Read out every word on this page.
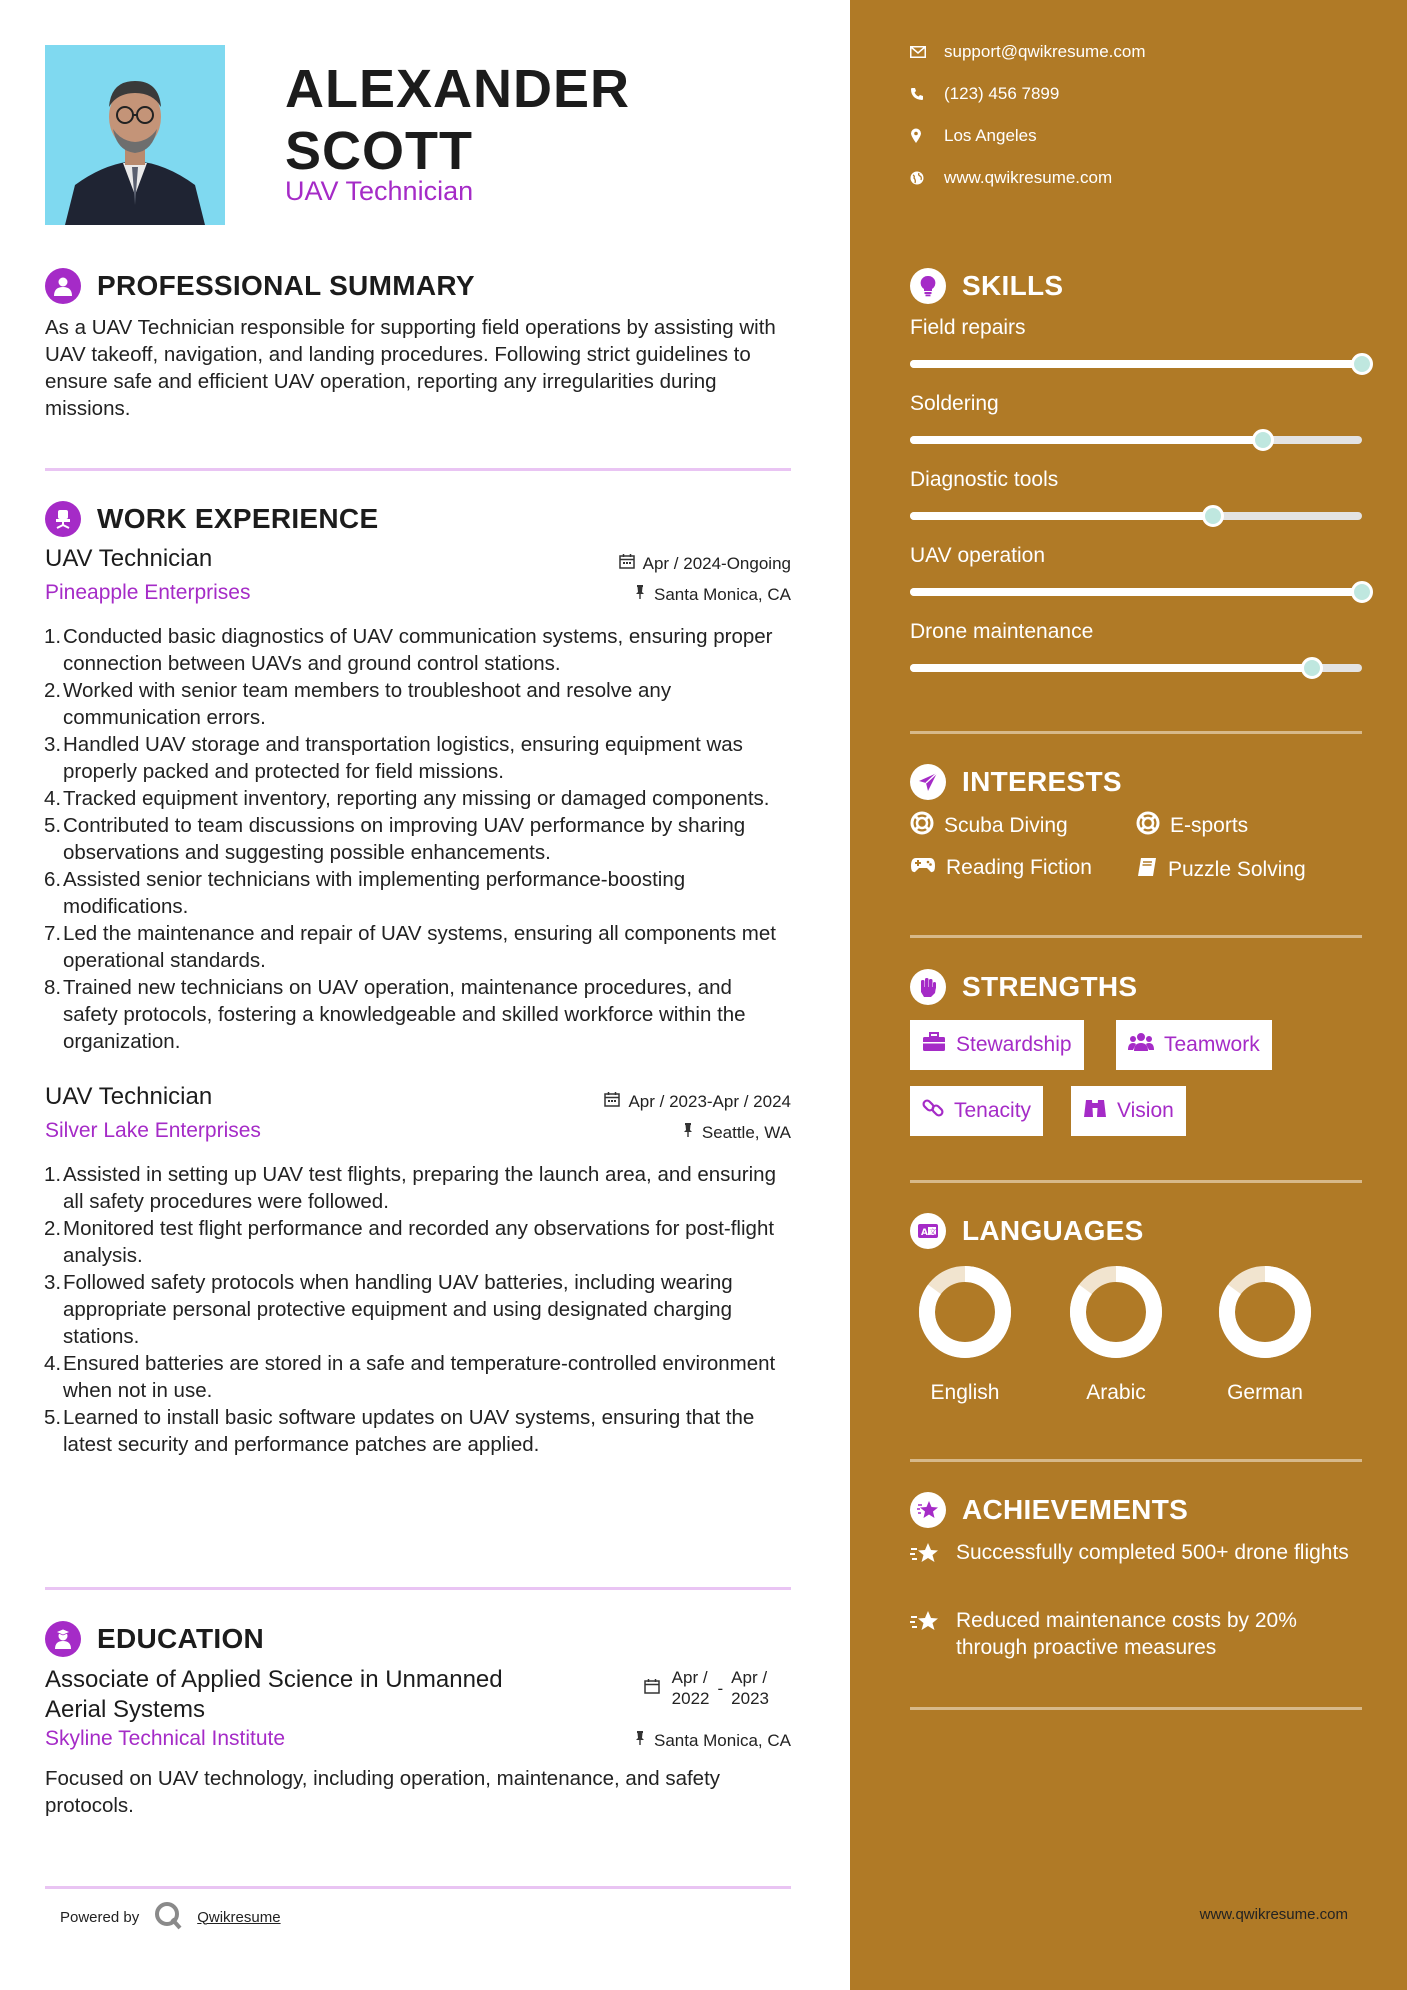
ALEXANDER
SCOTT
UAV Technician
PROFESSIONAL SUMMARY
As a UAV Technician responsible for supporting field operations by assisting with UAV takeoff, navigation, and landing procedures. Following strict guidelines to ensure safe and efficient UAV operation, reporting any irregularities during missions.
WORK EXPERIENCE
UAV Technician	Apr / 2024-Ongoing
Pineapple Enterprises	Santa Monica, CA
1. Conducted basic diagnostics of UAV communication systems, ensuring proper connection between UAVs and ground control stations.
2. Worked with senior team members to troubleshoot and resolve any communication errors.
3. Handled UAV storage and transportation logistics, ensuring equipment was properly packed and protected for field missions.
4. Tracked equipment inventory, reporting any missing or damaged components.
5. Contributed to team discussions on improving UAV performance by sharing observations and suggesting possible enhancements.
6. Assisted senior technicians with implementing performance-boosting modifications.
7. Led the maintenance and repair of UAV systems, ensuring all components met operational standards.
8. Trained new technicians on UAV operation, maintenance procedures, and safety protocols, fostering a knowledgeable and skilled workforce within the organization.
UAV Technician	Apr / 2023-Apr / 2024
Silver Lake Enterprises	Seattle, WA
1. Assisted in setting up UAV test flights, preparing the launch area, and ensuring all safety procedures were followed.
2. Monitored test flight performance and recorded any observations for post-flight analysis.
3. Followed safety protocols when handling UAV batteries, including wearing appropriate personal protective equipment and using designated charging stations.
4. Ensured batteries are stored in a safe and temperature-controlled environment when not in use.
5. Learned to install basic software updates on UAV systems, ensuring that the latest security and performance patches are applied.
EDUCATION
Associate of Applied Science in Unmanned
Aerial Systems
Apr /
2022
-
Apr /
2023
Skyline Technical Institute	Santa Monica, CA
Focused on UAV technology, including operation, maintenance, and safety protocols.
Powered by	Qwikresume
support@qwikresume.com
(123) 456 7899
Los Angeles
www.qwikresume.com
SKILLS
Field repairs
Soldering
Diagnostic tools
UAV operation
Drone maintenance
INTERESTS
Scuba Diving	E-sports
Reading Fiction	Puzzle Solving
STRENGTHS
Stewardship	Teamwork
Tenacity	Vision
A 文 LANGUAGES
English	Arabic	German
ACHIEVEMENTS
Successfully completed 500+ drone flights
Reduced maintenance costs by 20% through proactive measures
www.qwikresume.com
